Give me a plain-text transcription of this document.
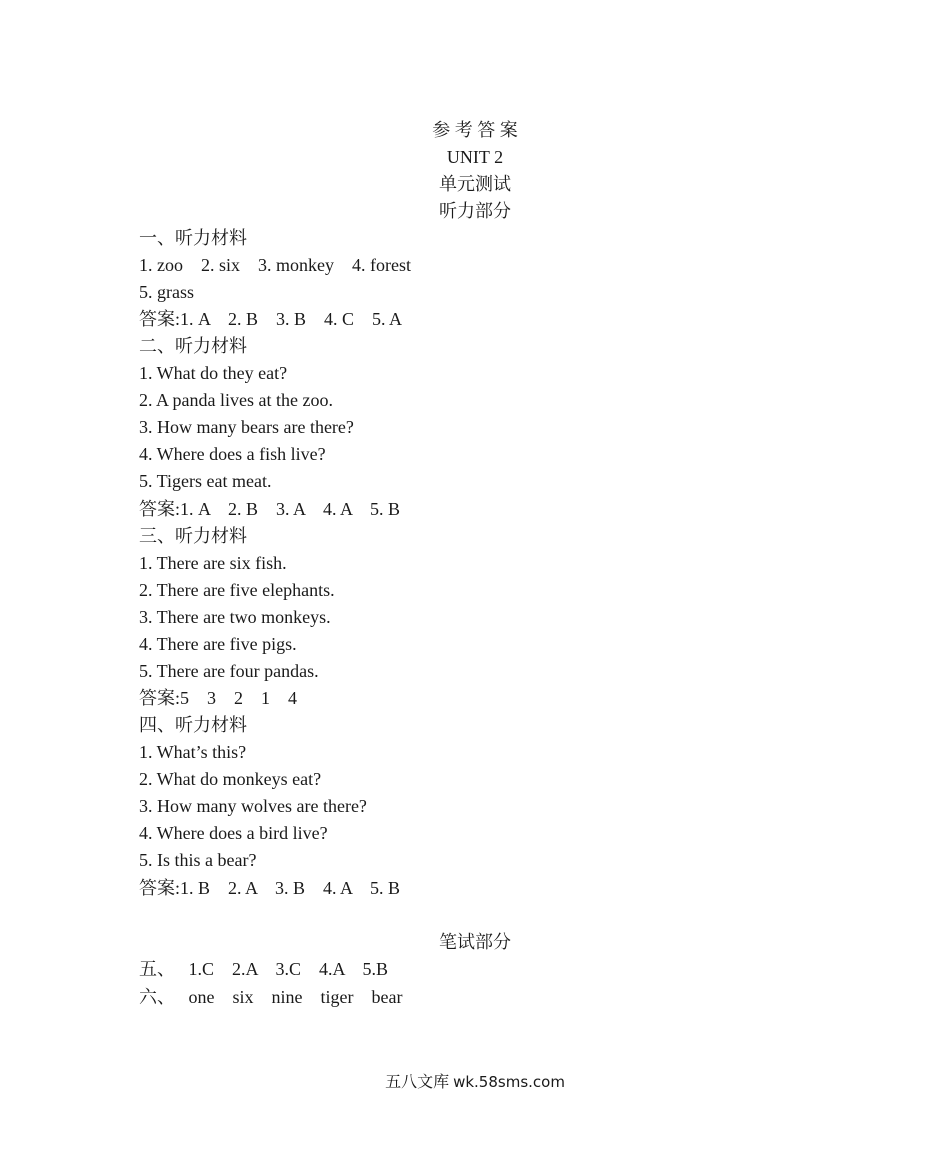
参 考 答 案
UNIT 2
单元测试
听力部分
一、听力材料
1. zoo    2. six    3. monkey    4. forest
5. grass
答案:1. A    2. B    3. B    4. C    5. A
二、听力材料
1. What do they eat?
2. A panda lives at the zoo.
3. How many bears are there?
4. Where does a fish live?
5. Tigers eat meat.
答案:1. A    2. B    3. A    4. A    5. B
三、听力材料
1. There are six fish.
2. There are five elephants.
3. There are two monkeys.
4. There are five pigs.
5. There are four pandas.
答案:5    3    2    1    4
四、听力材料
1. What’s this?
2. What do monkeys eat?
3. How many wolves are there?
4. Where does a bird live?
5. Is this a bear?
答案:1. B    2. A    3. B    4. A    5. B
笔试部分
五、   1.C    2.A    3.C    4.A    5.B
六、   one    six    nine    tiger    bear
五八文库 wk.58sms.com
